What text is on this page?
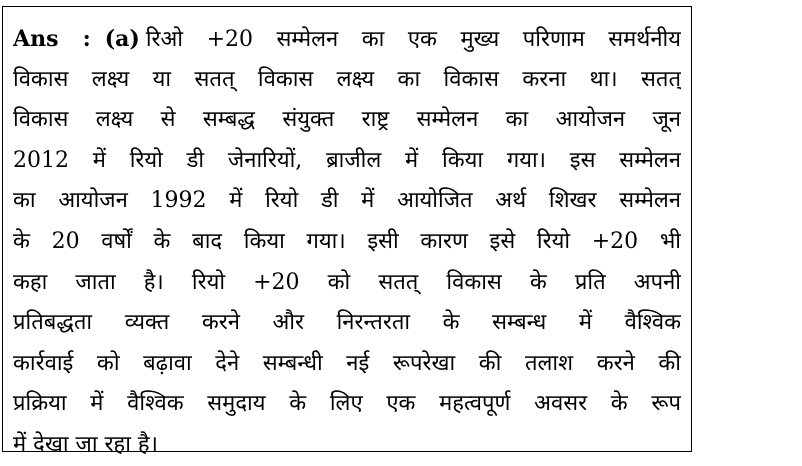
Ans : (a) रिओ +20 सम्मेलन का एक मुख्य परिणाम समर्थनीय
विकास लक्ष्य या सतत् विकास लक्ष्य का विकास करना था। सतत्
विकास लक्ष्य से सम्बद्ध संयुक्त राष्ट्र सम्मेलन का आयोजन जून
2012 में रियो डी जेनारियों, ब्राजील में किया गया। इस सम्मेलन
का आयोजन 1992 में रियो डी में आयोजित अर्थ शिखर सम्मेलन
के 20 वर्षों के बाद किया गया। इसी कारण इसे रियो +20 भी
कहा जाता है। रियो +20 को सतत् विकास के प्रति अपनी
प्रतिबद्धता व्यक्त करने और निरन्तरता के सम्बन्ध में वैश्विक
कार्रवाई को बढ़ावा देने सम्बन्धी नई रूपरेखा की तलाश करने की
प्रक्रिया में वैश्विक समुदाय के लिए एक महत्वपूर्ण अवसर के रूप
में देखा जा रहा है।
